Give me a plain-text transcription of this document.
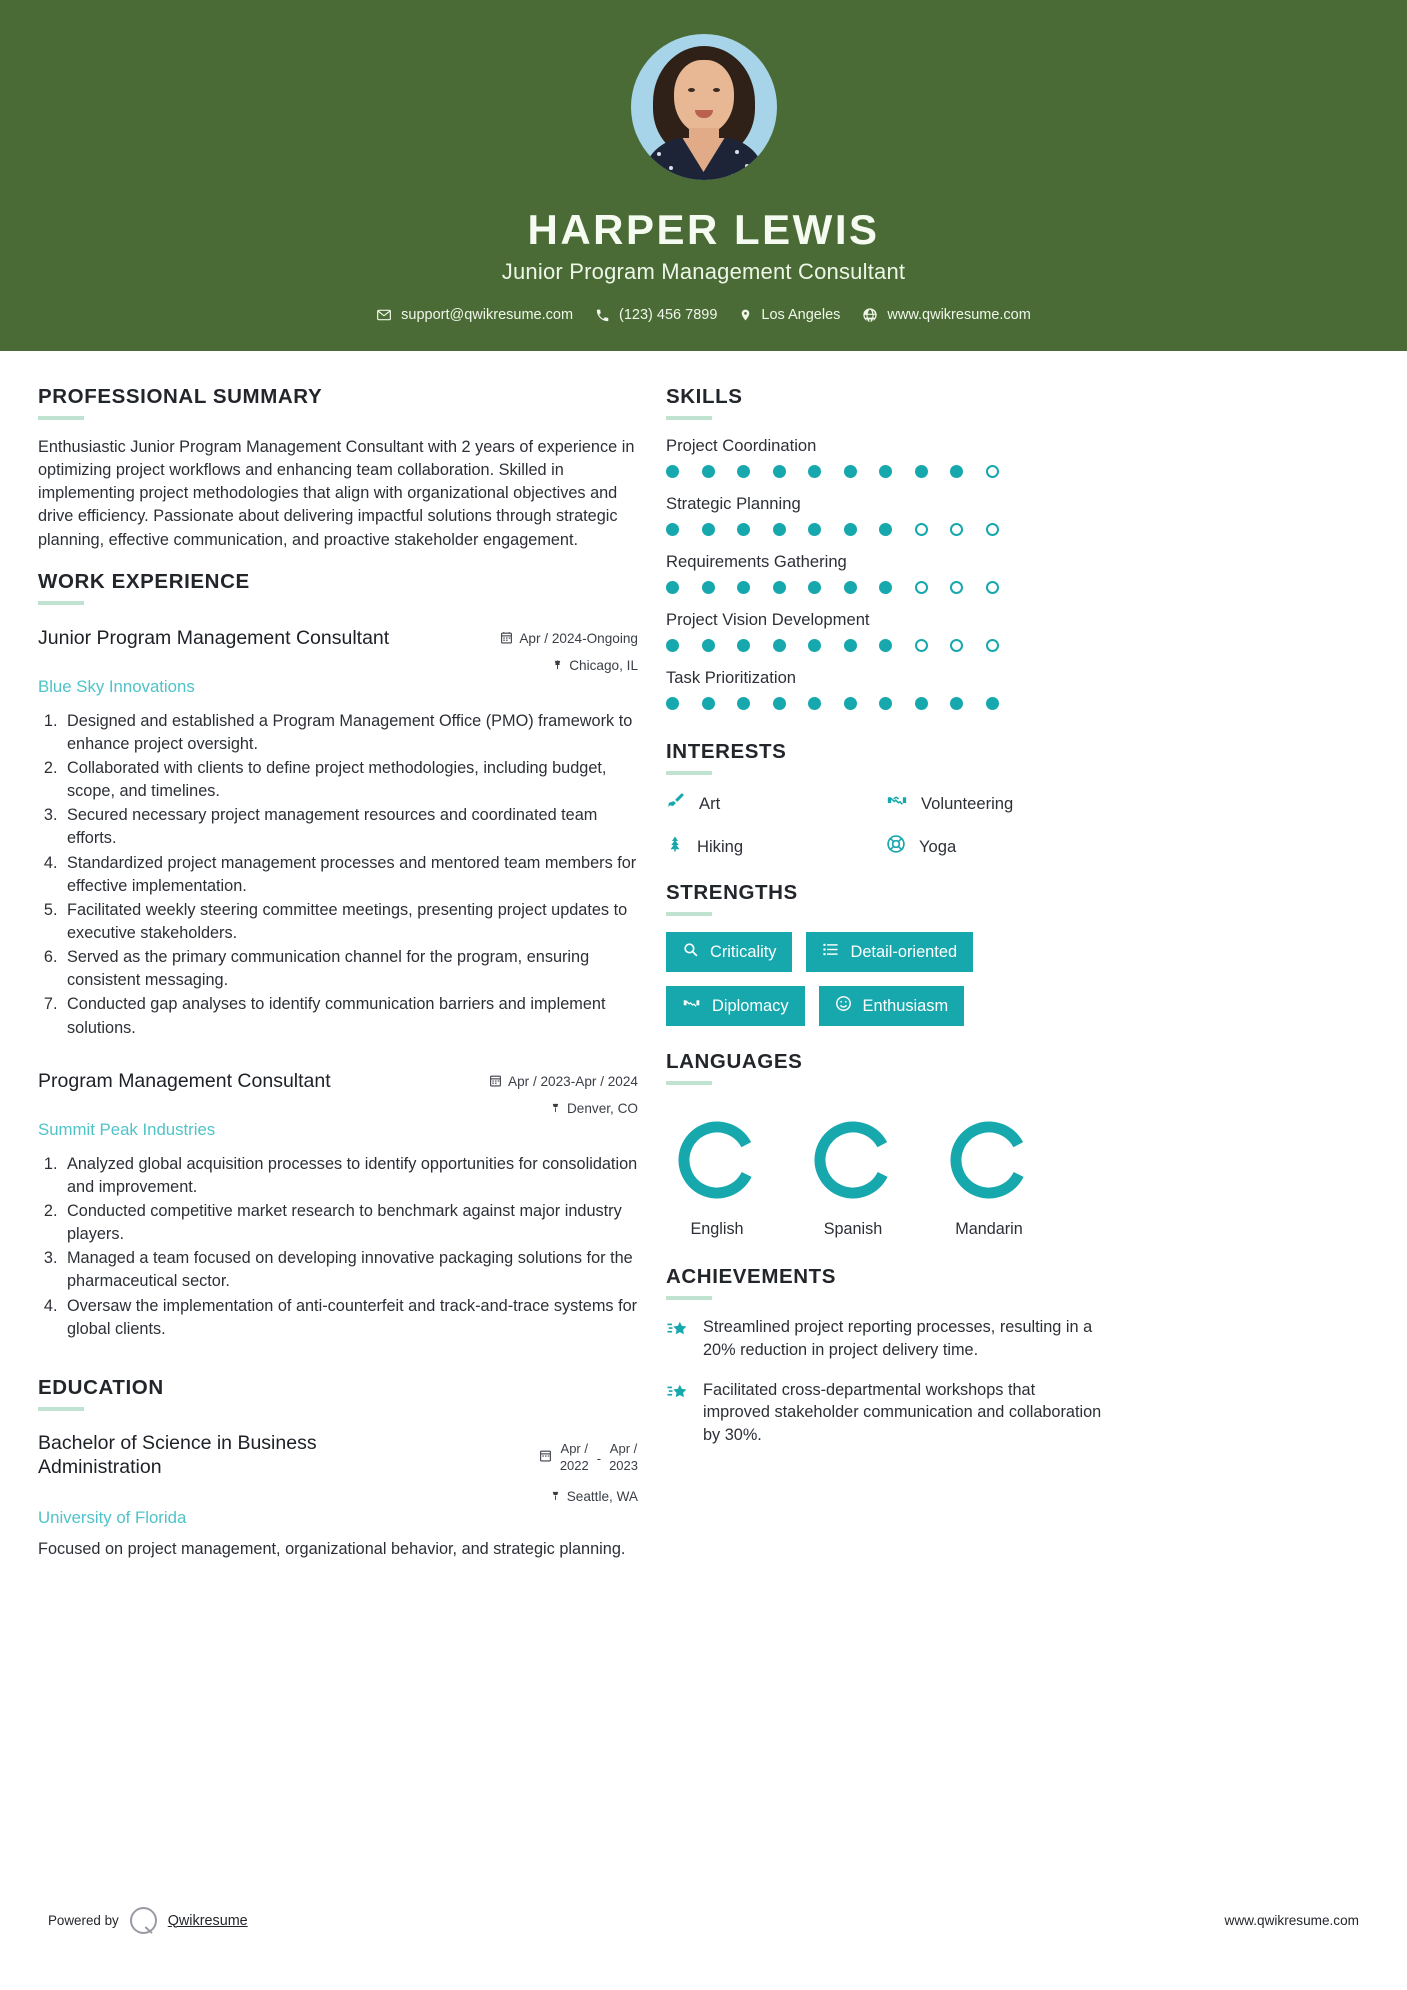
HARPER LEWIS
Junior Program Management Consultant
support@qwikresume.com	(123) 456 7899	Los Angeles	www.qwikresume.com
PROFESSIONAL SUMMARY

Enthusiastic Junior Program Management Consultant with 2 years of experience in optimizing project workflows and enhancing team collaboration. Skilled in implementing project methodologies that align with organizational objectives and drive efficiency. Passionate about delivering impactful solutions through strategic planning, effective communication, and proactive stakeholder engagement.

WORK EXPERIENCE
Junior Program Management Consultant	Apr / 2024-Ongoing
Chicago, IL
Blue Sky Innovations
1. Designed and established a Program Management Office (PMO) framework to enhance project oversight.
2. Collaborated with clients to define project methodologies, including budget, scope, and timelines.
3. Secured necessary project management resources and coordinated team efforts.
4. Standardized project management processes and mentored team members for effective implementation.
5. Facilitated weekly steering committee meetings, presenting project updates to executive stakeholders.
6. Served as the primary communication channel for the program, ensuring consistent messaging.
7. Conducted gap analyses to identify communication barriers and implement solutions.
Program Management Consultant	Apr / 2023-Apr / 2024
Denver, CO
Summit Peak Industries
1. Analyzed global acquisition processes to identify opportunities for consolidation and improvement.
2. Conducted competitive market research to benchmark against major industry players.
3. Managed a team focused on developing innovative packaging solutions for the pharmaceutical sector.
4. Oversaw the implementation of anti-counterfeit and track-and-trace systems for global clients.
EDUCATION
Bachelor of Science in Business Administration
Apr /
2022 -
Apr /
2023
Seattle, WA
University of Florida
Focused on project management, organizational behavior, and strategic planning.
SKILLS
Project Coordination
Strategic Planning
Requirements Gathering
Project Vision Development
Task Prioritization
INTERESTS
Art	Volunteering
Hiking	Yoga
STRENGTHS
Criticality	Detail-oriented
Diplomacy	Enthusiasm
LANGUAGES
English	Spanish	Mandarin
ACHIEVEMENTS
Streamlined project reporting processes, resulting in a 20% reduction in project delivery time.
Facilitated cross-departmental workshops that improved stakeholder communication and collaboration by 30%.
Powered by	Qwikresume	www.qwikresume.com
